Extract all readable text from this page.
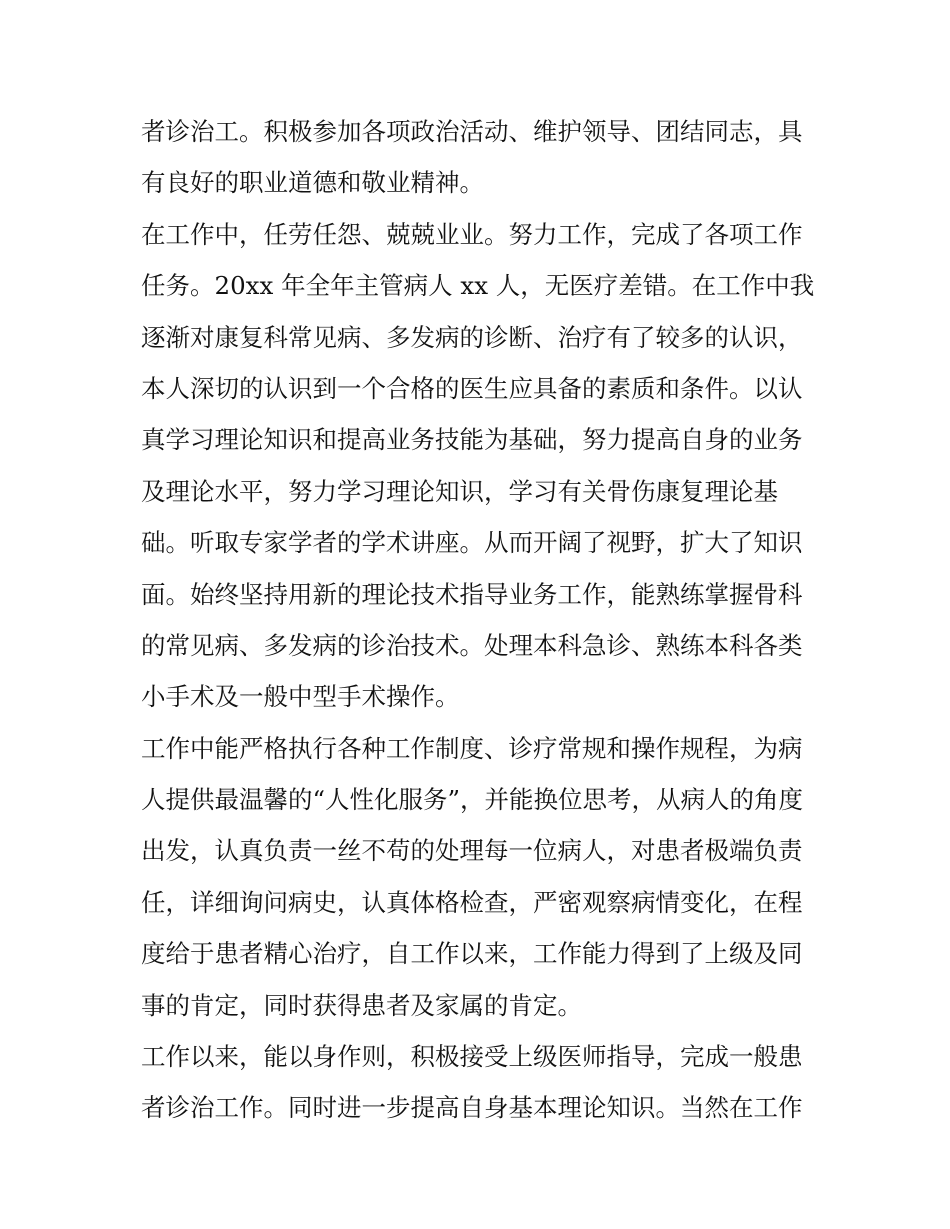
者诊治工。积极参加各项政治活动、维护领导、团结同志，具
有良好的职业道德和敬业精神。
在工作中，任劳任怨、兢兢业业。努力工作，完成了各项工作
任务。20xx 年全年主管病人 xx 人，无医疗差错。在工作中我
逐渐对康复科常见病、多发病的诊断、治疗有了较多的认识，
本人深切的认识到一个合格的医生应具备的素质和条件。以认
真学习理论知识和提高业务技能为基础，努力提高自身的业务
及理论水平，努力学习理论知识，学习有关骨伤康复理论基
础。听取专家学者的学术讲座。从而开阔了视野，扩大了知识
面。始终坚持用新的理论技术指导业务工作，能熟练掌握骨科
的常见病、多发病的诊治技术。处理本科急诊、熟练本科各类
小手术及一般中型手术操作。
工作中能严格执行各种工作制度、诊疗常规和操作规程，为病
人提供最温馨的“人性化服务”，并能换位思考，从病人的角度
出发，认真负责一丝不苟的处理每一位病人，对患者极端负责
任，详细询问病史，认真体格检查，严密观察病情变化，在程
度给于患者精心治疗，自工作以来，工作能力得到了上级及同
事的肯定，同时获得患者及家属的肯定。
工作以来，能以身作则，积极接受上级医师指导，完成一般患
者诊治工作。同时进一步提高自身基本理论知识。当然在工作
